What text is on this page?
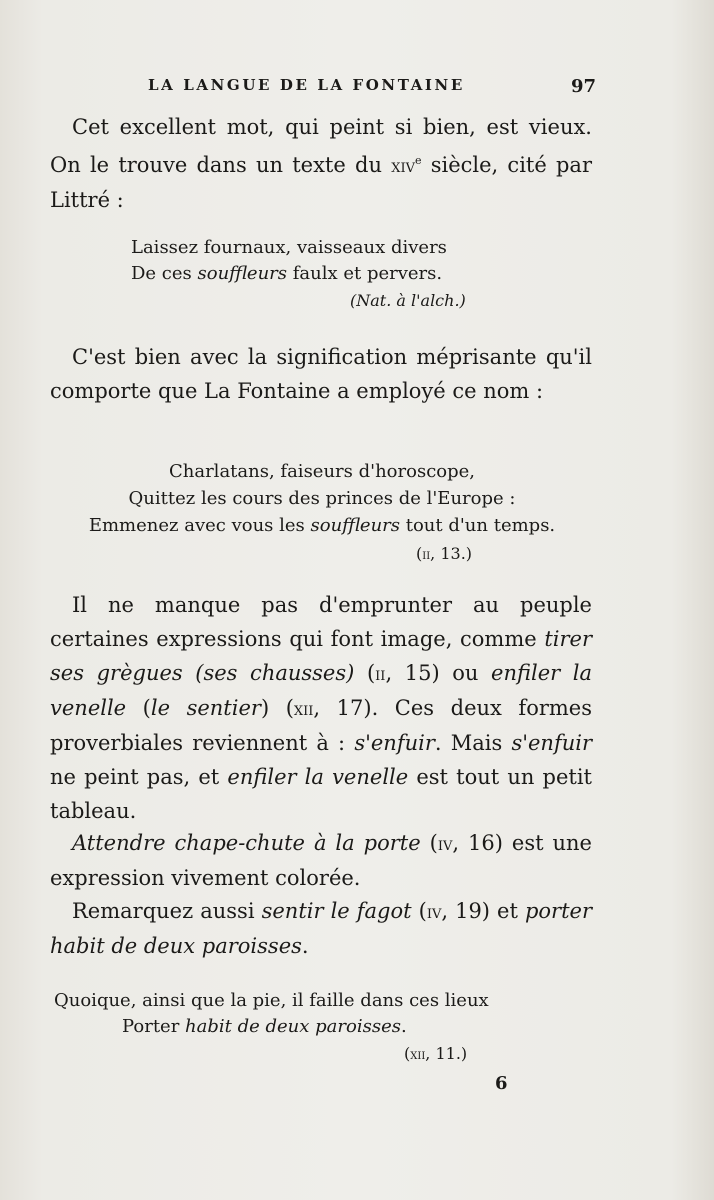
LA LANGUE DE LA FONTAINE	97

Cet excellent mot, qui peint si bien, est vieux. On le trouve dans un texte du xiv$^e$ siècle, cité par Littré :

Laissez fournaux, vaisseaux divers
De ces souffleurs faulx et pervers.
(Nat. à l'alch.)

C'est bien avec la signification méprisante qu'il comporte que La Fontaine a employé ce nom :

Charlatans, faiseurs d'horoscope,
Quittez les cours des princes de l'Europe :
Emmenez avec vous les souffleurs tout d'un temps.
(ii, 13.)

Il ne manque pas d'emprunter au peuple certaines expressions qui font image, comme tirer ses grègues (ses chausses) (ii, 15) ou enfiler la venelle (le sentier) (xii, 17). Ces deux formes proverbiales reviennent à : s'enfuir. Mais s'enfuir ne peint pas, et enfiler la venelle est tout un petit tableau.

Attendre chape-chute à la porte (iv, 16) est une expression vivement colorée.

Remarquez aussi sentir le fagot (iv, 19) et porter habit de deux paroisses.

Quoique, ainsi que la pie, il faille dans ces lieux
Porter habit de deux paroisses.
(xii, 11.)
6
